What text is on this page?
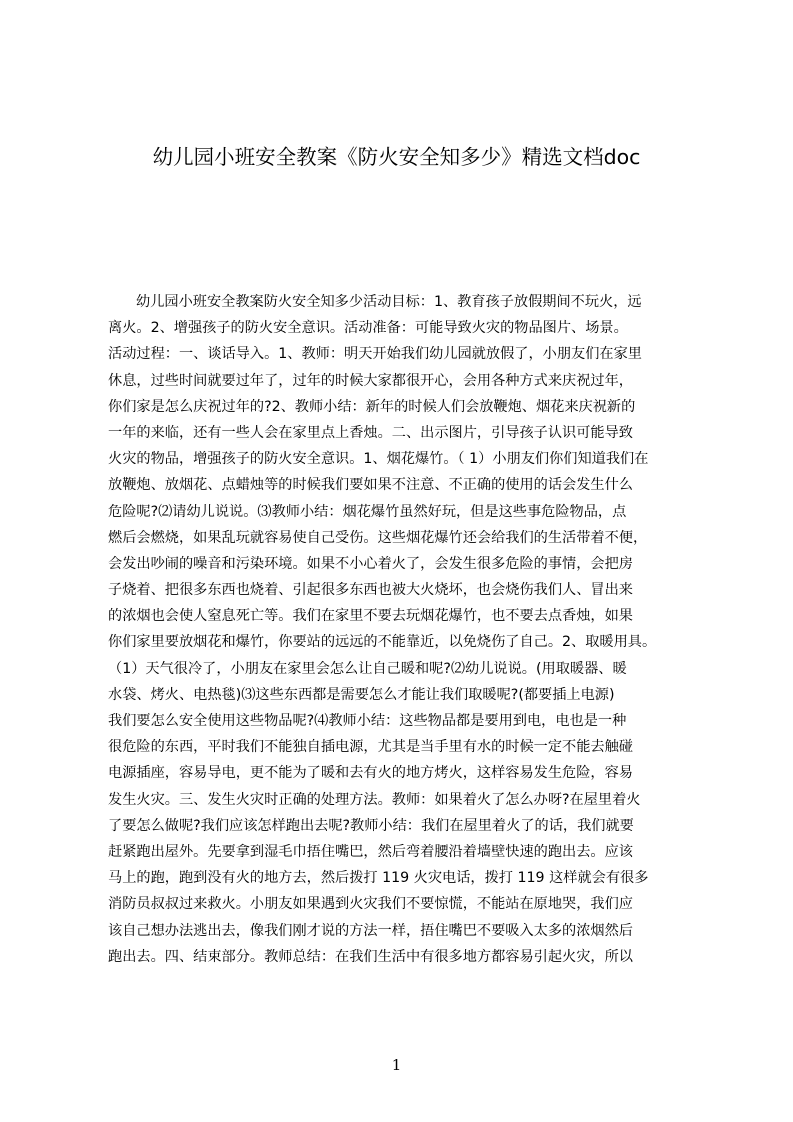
幼儿园小班安全教案《防火安全知多少》精选文档doc
幼儿园小班安全教案防火安全知多少活动目标：1、教育孩子放假期间不玩火，远
离火。2、增强孩子的防火安全意识。活动准备：可能导致火灾的物品图片、场景。
活动过程：一、谈话导入。1、教师：明天开始我们幼儿园就放假了，小朋友们在家里
休息，过些时间就要过年了，过年的时候大家都很开心，会用各种方式来庆祝过年，
你们家是怎么庆祝过年的?2、教师小结：新年的时候人们会放鞭炮、烟花来庆祝新的
一年的来临，还有一些人会在家里点上香烛。二、出示图片，引导孩子认识可能导致
火灾的物品，增强孩子的防火安全意识。1、烟花爆竹。（ 1）小朋友们你们知道我们在
放鞭炮、放烟花、点蜡烛等的时候我们要如果不注意、不正确的使用的话会发生什么
危险呢?⑵请幼儿说说。⑶教师小结：烟花爆竹虽然好玩，但是这些事危险物品，点
燃后会燃烧，如果乱玩就容易使自己受伤。这些烟花爆竹还会给我们的生活带着不便，
会发出吵闹的噪音和污染环境。如果不小心着火了，会发生很多危险的事情，会把房
子烧着、把很多东西也烧着、引起很多东西也被大火烧坏，也会烧伤我们人、冒出来
的浓烟也会使人窒息死亡等。我们在家里不要去玩烟花爆竹，也不要去点香烛，如果
你们家里要放烟花和爆竹，你要站的远远的不能靠近，以免烧伤了自己。2、取暖用具。
（1）天气很冷了，小朋友在家里会怎么让自己暖和呢?⑵幼儿说说。(用取暖器、暖
水袋、烤火、电热毯)⑶这些东西都是需要怎么才能让我们取暖呢?(都要插上电源)
我们要怎么安全使用这些物品呢?⑷教师小结：这些物品都是要用到电，电也是一种
很危险的东西，平时我们不能独自插电源，尤其是当手里有水的时候一定不能去触碰
电源插座，容易导电，更不能为了暖和去有火的地方烤火，这样容易发生危险，容易
发生火灾。三、发生火灾时正确的处理方法。教师：如果着火了怎么办呀?在屋里着火
了要怎么做呢?我们应该怎样跑出去呢?教师小结：我们在屋里着火了的话，我们就要
赶紧跑出屋外。先要拿到湿毛巾捂住嘴巴，然后弯着腰沿着墙壁快速的跑出去。应该
马上的跑，跑到没有火的地方去，然后拨打 119 火灾电话，拨打 119 这样就会有很多
消防员叔叔过来救火。小朋友如果遇到火灾我们不要惊慌，不能站在原地哭，我们应
该自己想办法逃出去，像我们刚才说的方法一样，捂住嘴巴不要吸入太多的浓烟然后
跑出去。四、结束部分。教师总结：在我们生活中有很多地方都容易引起火灾，所以
1
